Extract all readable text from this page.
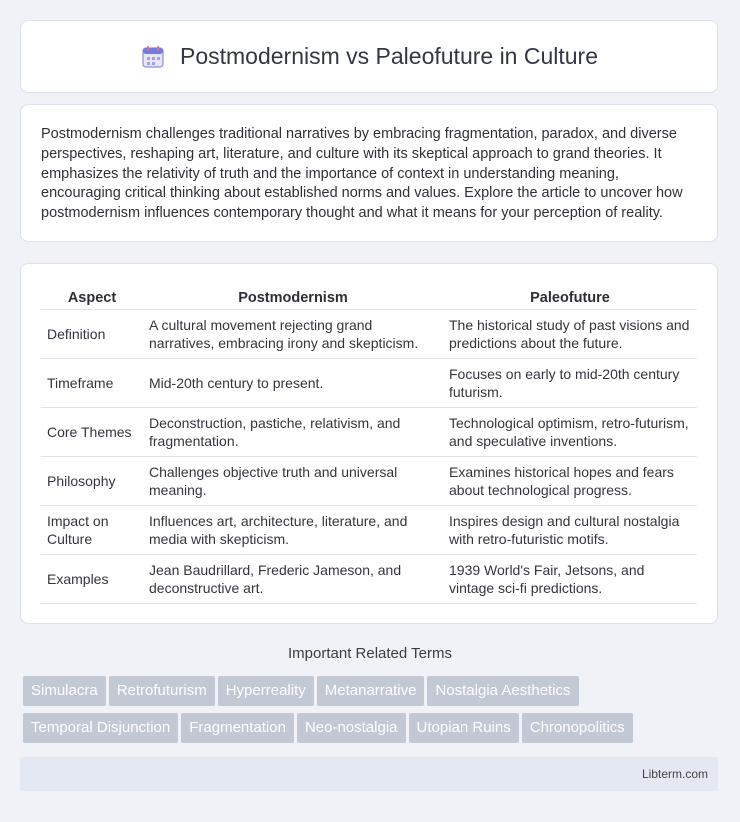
Postmodernism vs Paleofuture in Culture

Postmodernism challenges traditional narratives by embracing fragmentation, paradox, and diverse perspectives, reshaping art, literature, and culture with its skeptical approach to grand theories. It emphasizes the relativity of truth and the importance of context in understanding meaning, encouraging critical thinking about established norms and values. Explore the article to uncover how postmodernism influences contemporary thought and what it means for your perception of reality.

Aspect	Postmodernism	Paleofuture
Definition	A cultural movement rejecting grand narratives, embracing irony and skepticism.	The historical study of past visions and predictions about the future.
Timeframe	Mid-20th century to present.	Focuses on early to mid-20th century futurism.
Core Themes	Deconstruction, pastiche, relativism, and fragmentation.	Technological optimism, retro-futurism, and speculative inventions.
Philosophy	Challenges objective truth and universal meaning.	Examines historical hopes and fears about technological progress.
Impact on Culture	Influences art, architecture, literature, and media with skepticism.	Inspires design and cultural nostalgia with retro-futuristic motifs.
Examples	Jean Baudrillard, Frederic Jameson, and deconstructive art.	1939 World's Fair, Jetsons, and vintage sci-fi predictions.
Important Related Terms
Simulacra Retrofuturism Hyperreality Metanarrative Nostalgia Aesthetics
Temporal Disjunction Fragmentation Neo-nostalgia Utopian Ruins Chronopolitics
Libterm.com
